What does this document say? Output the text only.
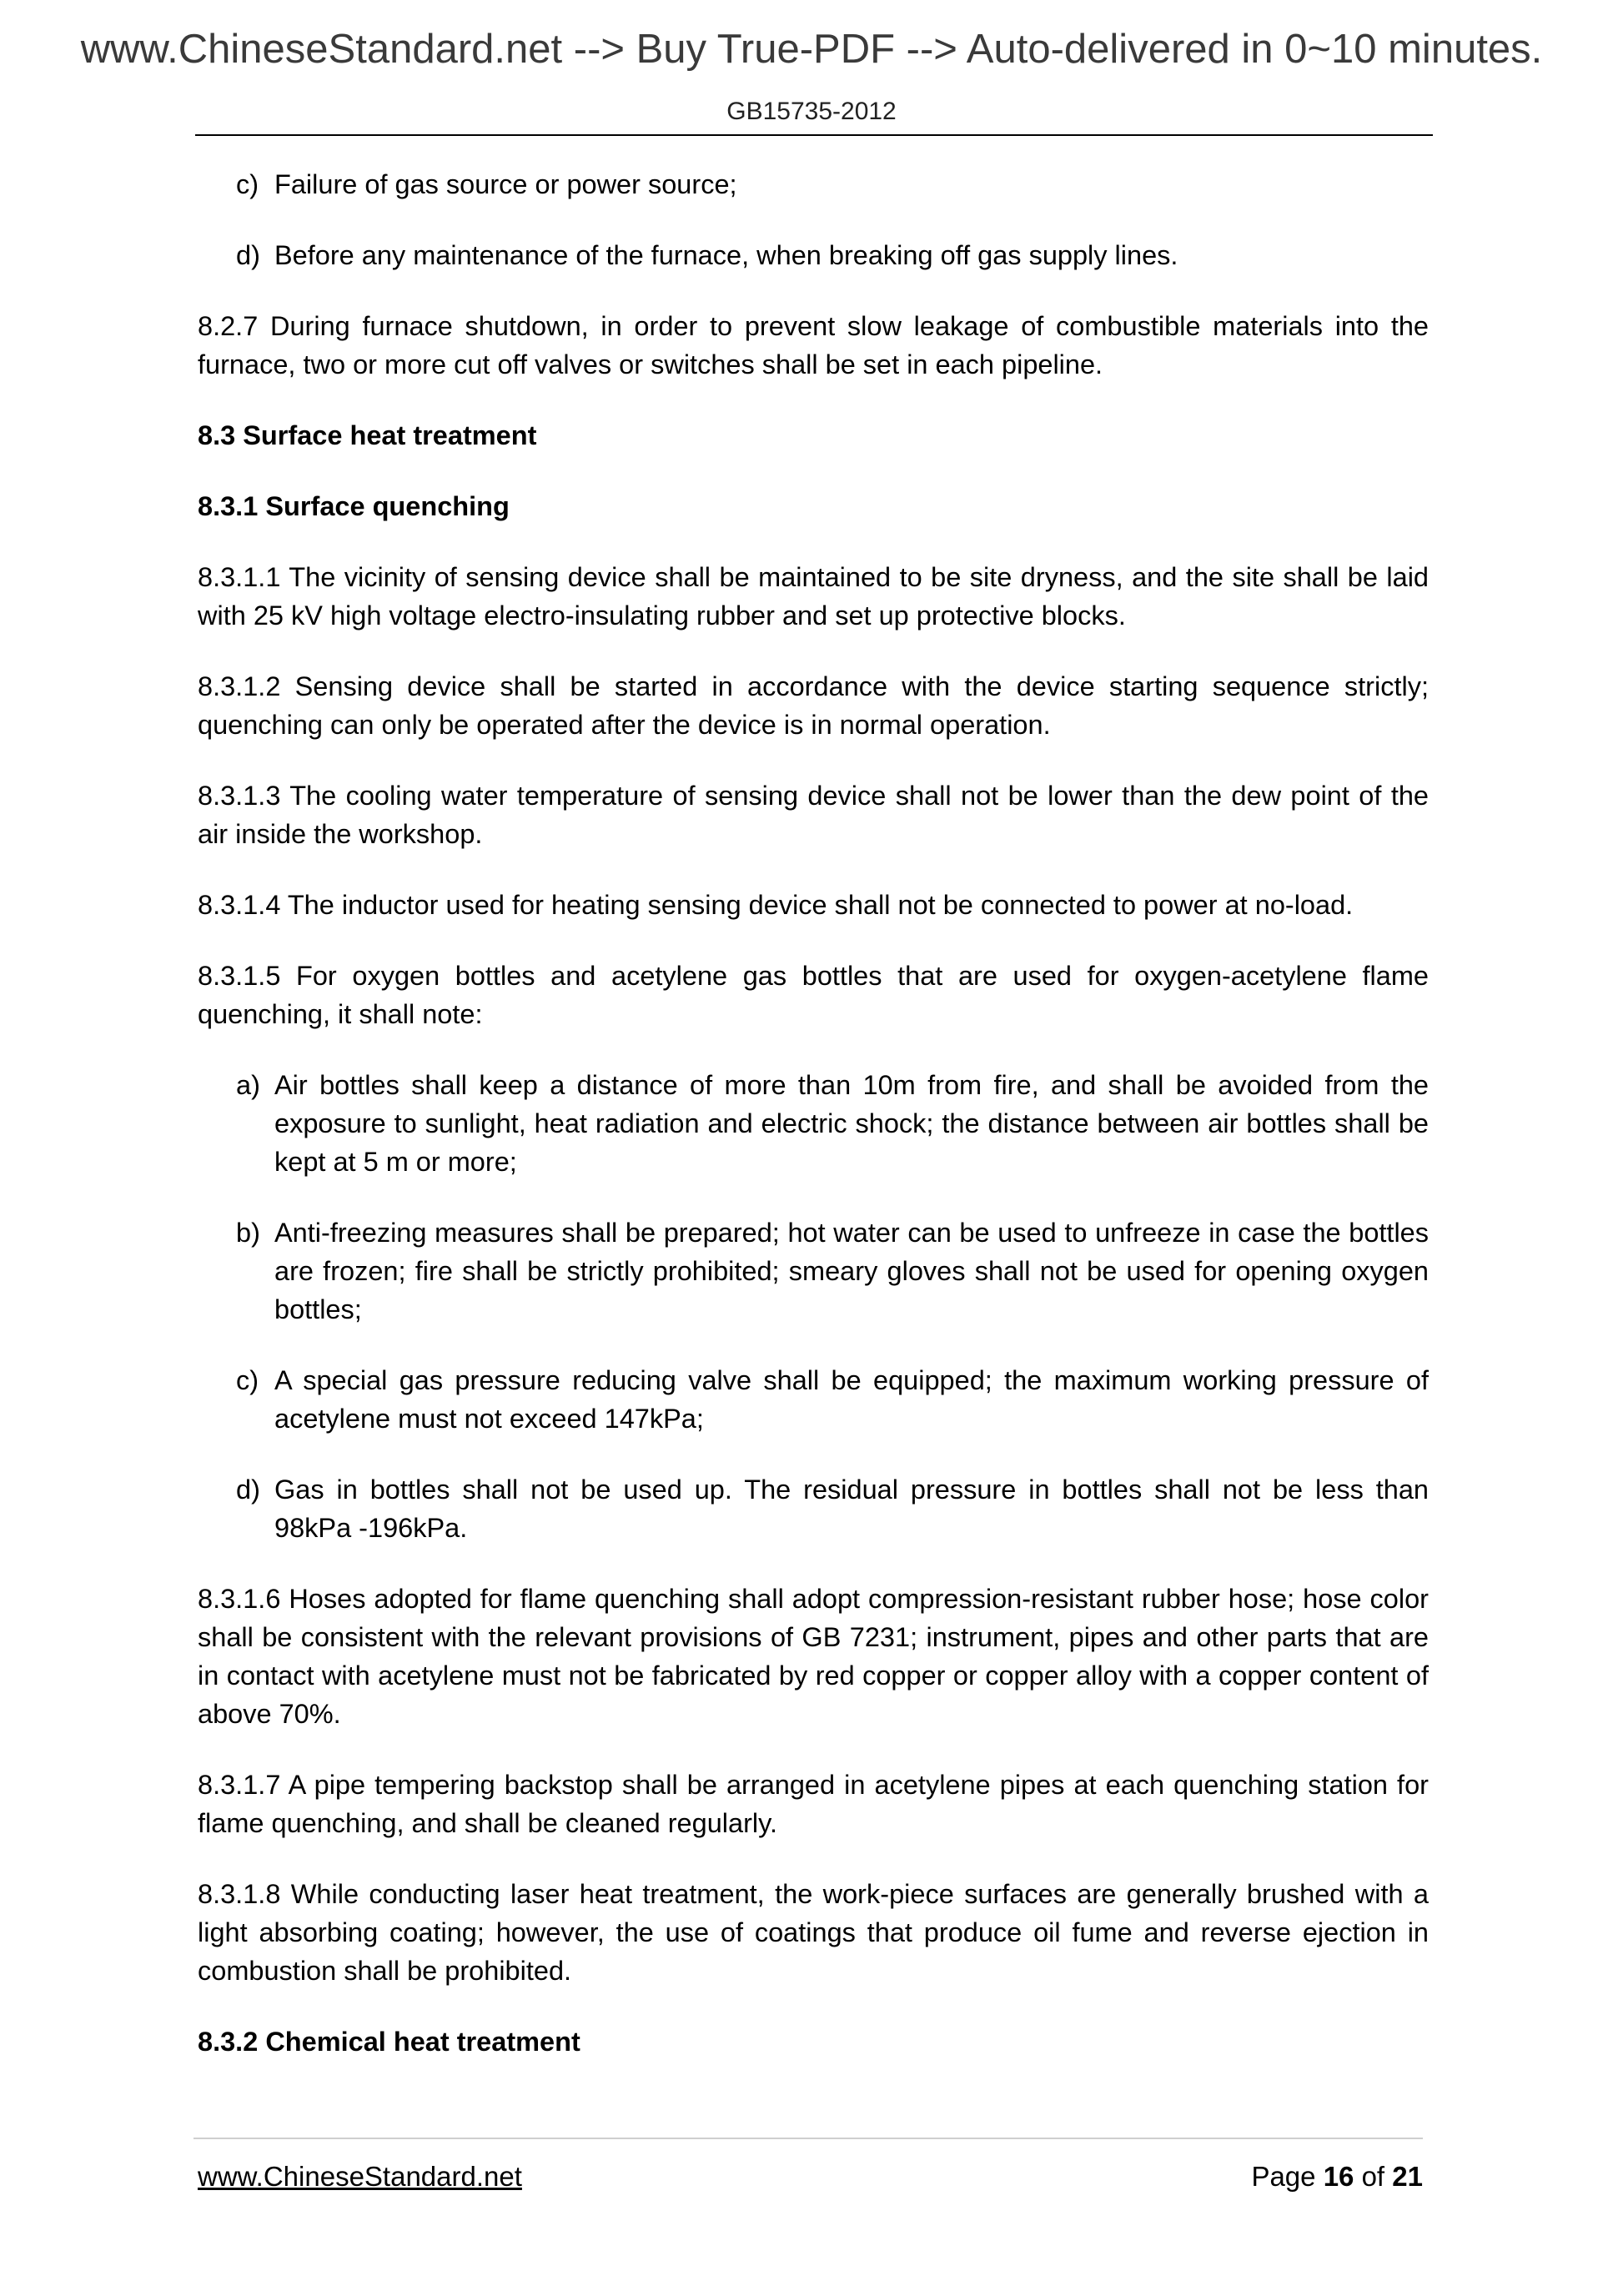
www.ChineseStandard.net --> Buy True-PDF --> Auto-delivered in 0~10 minutes.
GB15735-2012
c) Failure of gas source or power source;
d) Before any maintenance of the furnace, when breaking off gas supply lines.

8.2.7 During furnace shutdown, in order to prevent slow leakage of combustible materials into the furnace, two or more cut off valves or switches shall be set in each pipeline.

8.3 Surface heat treatment

8.3.1 Surface quenching

8.3.1.1 The vicinity of sensing device shall be maintained to be site dryness, and the site shall be laid with 25 kV high voltage electro-insulating rubber and set up protective blocks.

8.3.1.2 Sensing device shall be started in accordance with the device starting sequence strictly; quenching can only be operated after the device is in normal operation.

8.3.1.3 The cooling water temperature of sensing device shall not be lower than the dew point of the air inside the workshop.

8.3.1.4 The inductor used for heating sensing device shall not be connected to power at no-load.

8.3.1.5 For oxygen bottles and acetylene gas bottles that are used for oxygen-acetylene flame quenching, it shall note:

a) Air bottles shall keep a distance of more than 10m from fire, and shall be avoided from the exposure to sunlight, heat radiation and electric shock; the distance between air bottles shall be kept at 5 m or more;
b) Anti-freezing measures shall be prepared; hot water can be used to unfreeze in case the bottles are frozen; fire shall be strictly prohibited; smeary gloves shall not be used for opening oxygen bottles;
c) A special gas pressure reducing valve shall be equipped; the maximum working pressure of acetylene must not exceed 147kPa;
d) Gas in bottles shall not be used up. The residual pressure in bottles shall not be less than 98kPa -196kPa.

8.3.1.6 Hoses adopted for flame quenching shall adopt compression-resistant rubber hose; hose color shall be consistent with the relevant provisions of GB 7231; instrument, pipes and other parts that are in contact with acetylene must not be fabricated by red copper or copper alloy with a copper content of above 70%.

8.3.1.7 A pipe tempering backstop shall be arranged in acetylene pipes at each quenching station for flame quenching, and shall be cleaned regularly.

8.3.1.8 While conducting laser heat treatment, the work-piece surfaces are generally brushed with a light absorbing coating; however, the use of coatings that produce oil fume and reverse ejection in combustion shall be prohibited.

8.3.2 Chemical heat treatment

www.ChineseStandard.net	Page 16 of 21
